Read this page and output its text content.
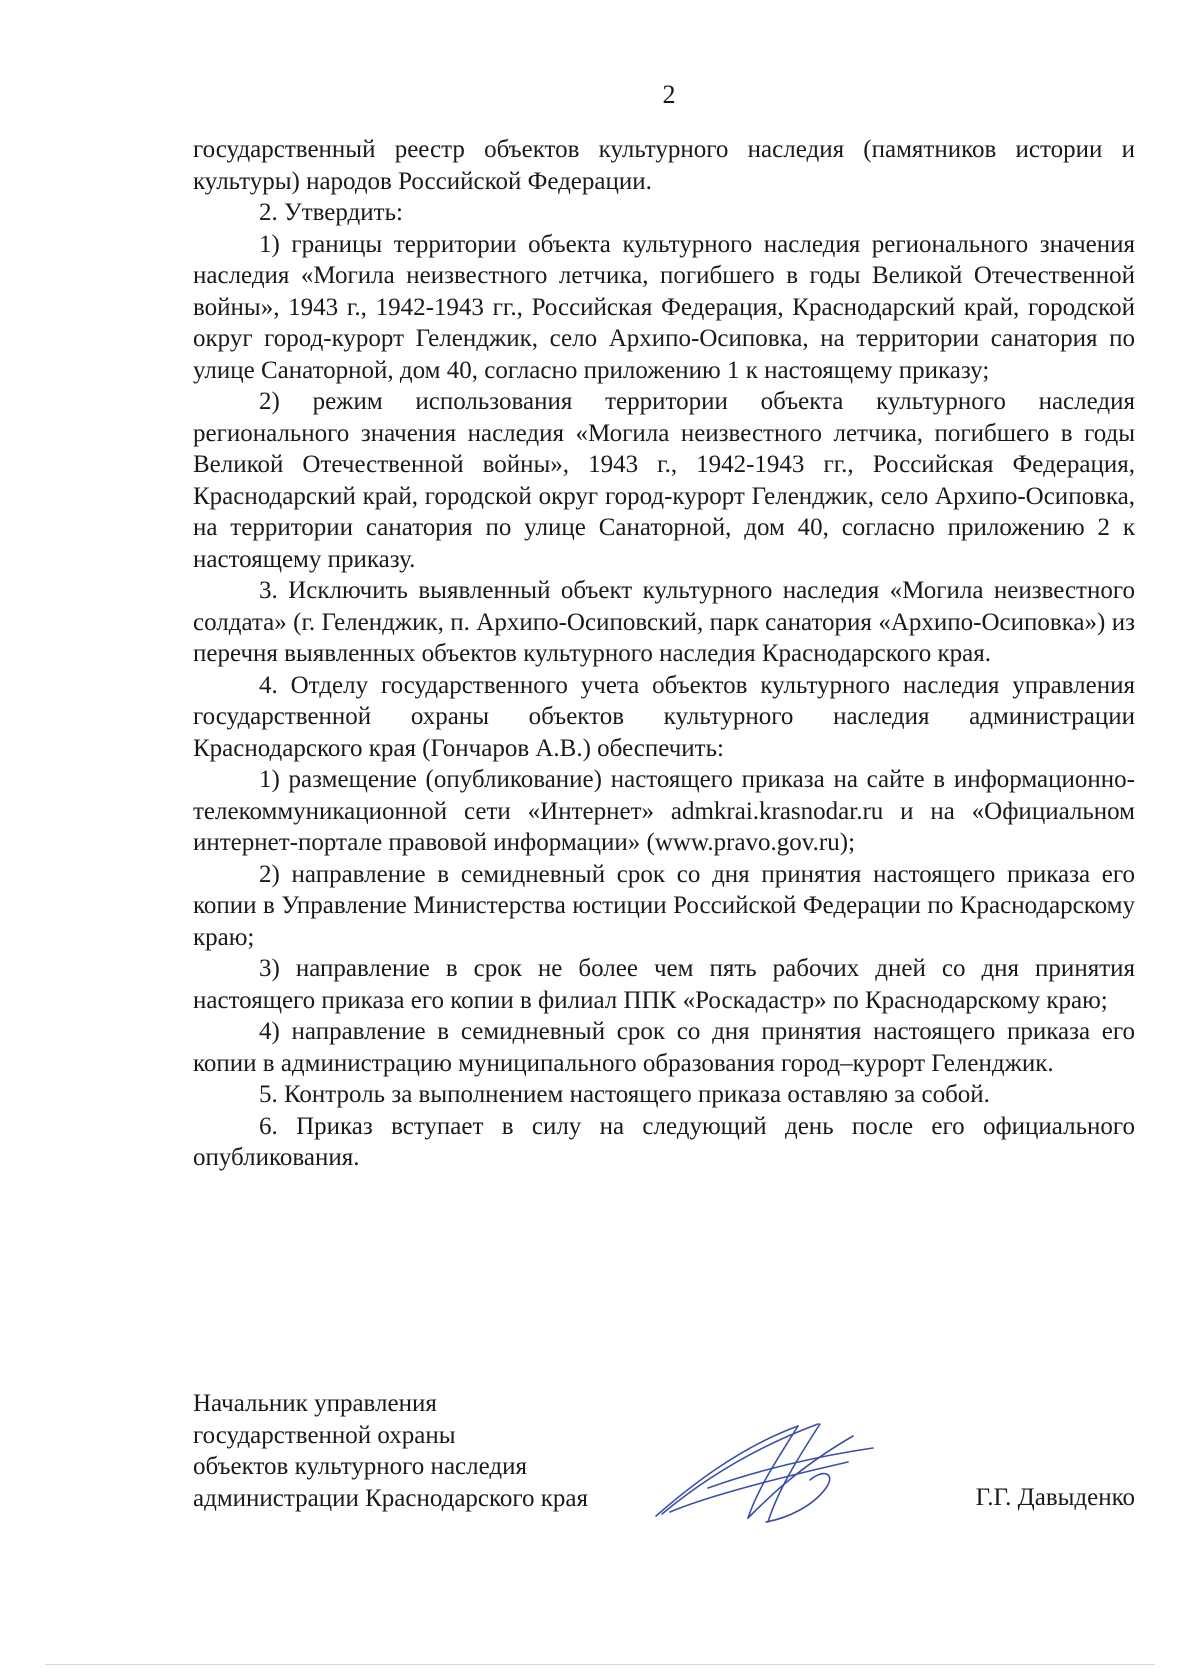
2

государственный реестр объектов культурного наследия (памятников истории и культуры) народов Российской Федерации.

2. Утвердить:

1) границы территории объекта культурного наследия регионального значения наследия «Могила неизвестного летчика, погибшего в годы Великой Отечественной войны», 1943 г., 1942-1943 гг., Российская Федерация, Краснодарский край, городской округ город-курорт Геленджик, село Архипо-Осиповка, на территории санатория по улице Санаторной, дом 40, согласно приложению 1 к настоящему приказу;

2) режим использования территории объекта культурного наследия регионального значения наследия «Могила неизвестного летчика, погибшего в годы Великой Отечественной войны», 1943 г., 1942-1943 гг., Российская Федерация, Краснодарский край, городской округ город-курорт Геленджик, село Архипо-Осиповка, на территории санатория по улице Санаторной, дом 40, согласно приложению 2 к настоящему приказу.

3. Исключить выявленный объект культурного наследия «Могила неизвестного солдата» (г. Геленджик, п. Архипо-Осиповский, парк санатория «Архипо-Осиповка») из перечня выявленных объектов культурного наследия Краснодарского края.

4. Отделу государственного учета объектов культурного наследия управления государственной охраны объектов культурного наследия администрации Краснодарского края (Гончаров А.В.) обеспечить:

1) размещение (опубликование) настоящего приказа на сайте в информационно-телекоммуникационной сети «Интернет» admkrai.krasnodar.ru и на «Официальном интернет-портале правовой информации» (www.pravo.gov.ru);

2) направление в семидневный срок со дня принятия настоящего приказа его копии в Управление Министерства юстиции Российской Федерации по Краснодарскому краю;

3) направление в срок не более чем пять рабочих дней со дня принятия настоящего приказа его копии в филиал ППК «Роскадастр» по Краснодарскому краю;

4) направление в семидневный срок со дня принятия настоящего приказа его копии в администрацию муниципального образования город–курорт Геленджик.

5. Контроль за выполнением настоящего приказа оставляю за собой.

6. Приказ вступает в силу на следующий день после его официального опубликования.

Начальник управления
государственной охраны
объектов культурного наследия
администрации Краснодарского края	Г.Г. Давыденко
